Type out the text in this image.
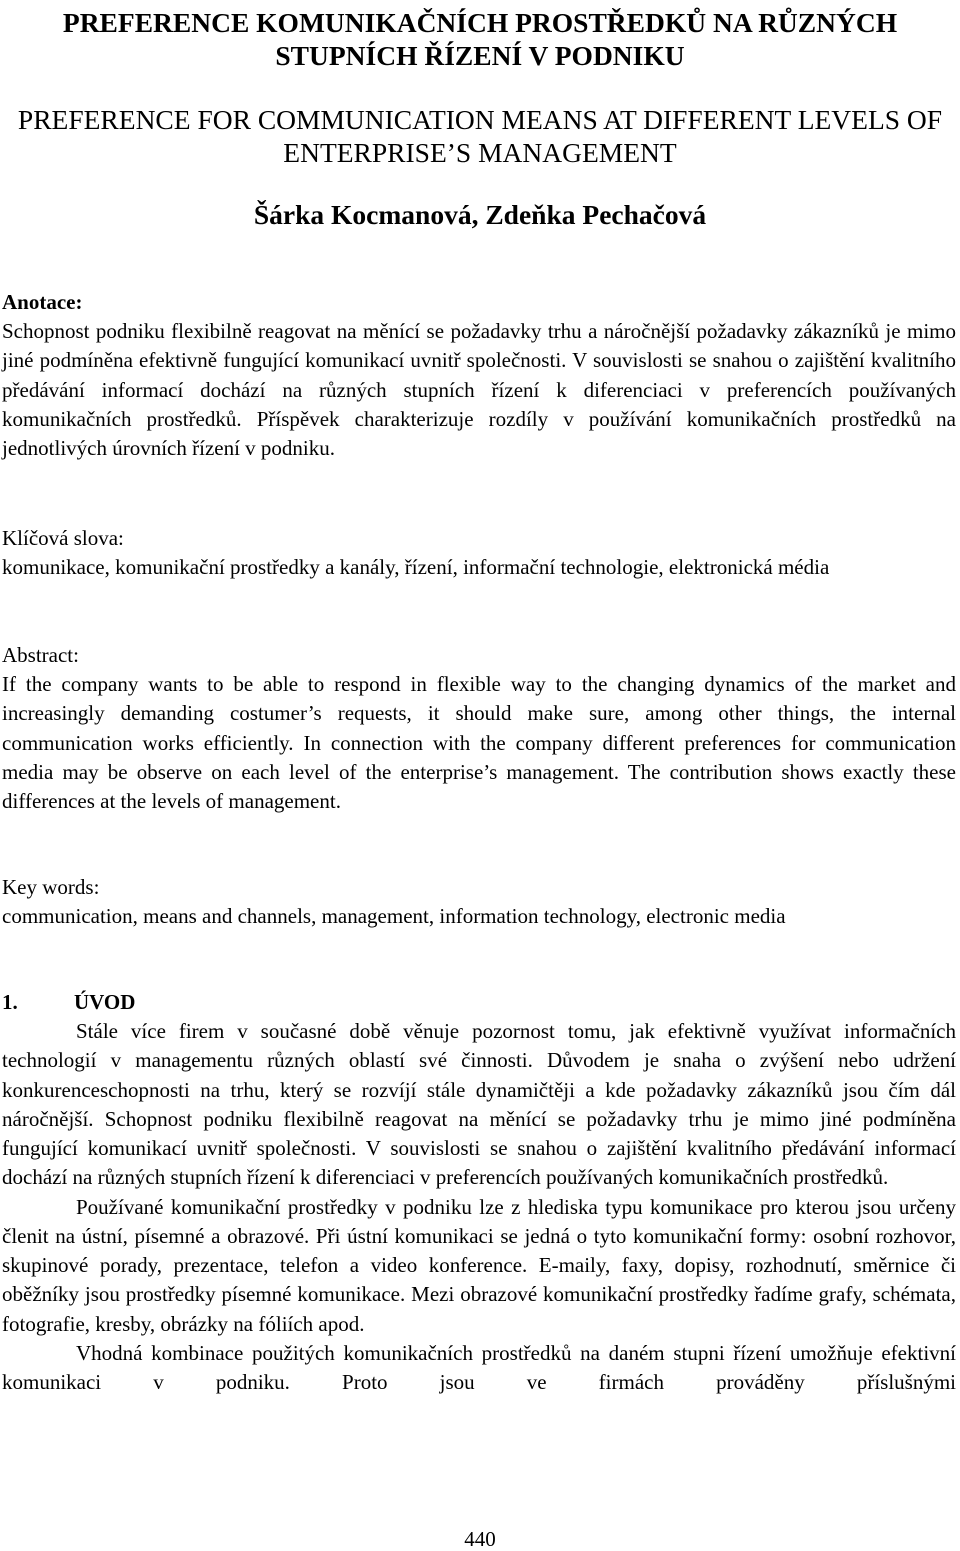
PREFERENCE KOMUNIKAČNÍCH PROSTŘEDKŮ NA RŮZNÝCH STUPNÍCH ŘÍZENÍ V PODNIKU
PREFERENCE FOR COMMUNICATION MEANS AT DIFFERENT LEVELS OF ENTERPRISE’S MANAGEMENT

Šárka Kocmanová, Zdeňka Pechačová

Anotace:

Schopnost podniku flexibilně reagovat na měnící se požadavky trhu a náročnější požadavky zákazníků je mimo jiné podmíněna efektivně fungující komunikací uvnitř společnosti. V souvislosti se snahou o zajištění kvalitního předávání informací dochází na různých stupních řízení k diferenciaci v preferencích používaných komunikačních prostředků. Příspěvek charakterizuje rozdíly v používání komunikačních prostředků na jednotlivých úrovních řízení v podniku.

Klíčová slova:

komunikace, komunikační prostředky a kanály, řízení, informační technologie, elektronická média

Abstract:

If the company wants to be able to respond in flexible way to the changing dynamics of the market and increasingly demanding costumer’s requests, it should make sure, among other things, the internal communication works efficiently. In connection with the company different preferences for communication media may be observe on each level of the enterprise’s management. The contribution shows exactly these differences at the levels of management.

Key words:

communication, means and channels, management, information technology, electronic media

1.	ÚVOD

Stále více firem v současné době věnuje pozornost tomu, jak efektivně využívat informačních technologií v managementu různých oblastí své činnosti. Důvodem je snaha o zvýšení nebo udržení konkurenceschopnosti na trhu, který se rozvíjí stále dynamičtěji a kde požadavky zákazníků jsou čím dál náročnější. Schopnost podniku flexibilně reagovat na měnící se požadavky trhu je mimo jiné podmíněna fungující komunikací uvnitř společnosti. V souvislosti se snahou o zajištění kvalitního předávání informací dochází na různých stupních řízení k diferenciaci v preferencích používaných komunikačních prostředků.

Používané komunikační prostředky v podniku lze z hlediska typu komunikace pro kterou jsou určeny členit na ústní, písemné a obrazové. Při ústní komunikaci se jedná o tyto komunikační formy: osobní rozhovor, skupinové porady, prezentace, telefon a video konference. E-maily, faxy, dopisy, rozhodnutí, směrnice či oběžníky jsou prostředky písemné komunikace. Mezi obrazové komunikační prostředky řadíme grafy, schémata, fotografie, kresby, obrázky na fóliích apod.

Vhodná kombinace použitých komunikačních prostředků na daném stupni řízení umožňuje efektivní komunikaci v podniku. Proto jsou ve firmách prováděny příslušnými

440
